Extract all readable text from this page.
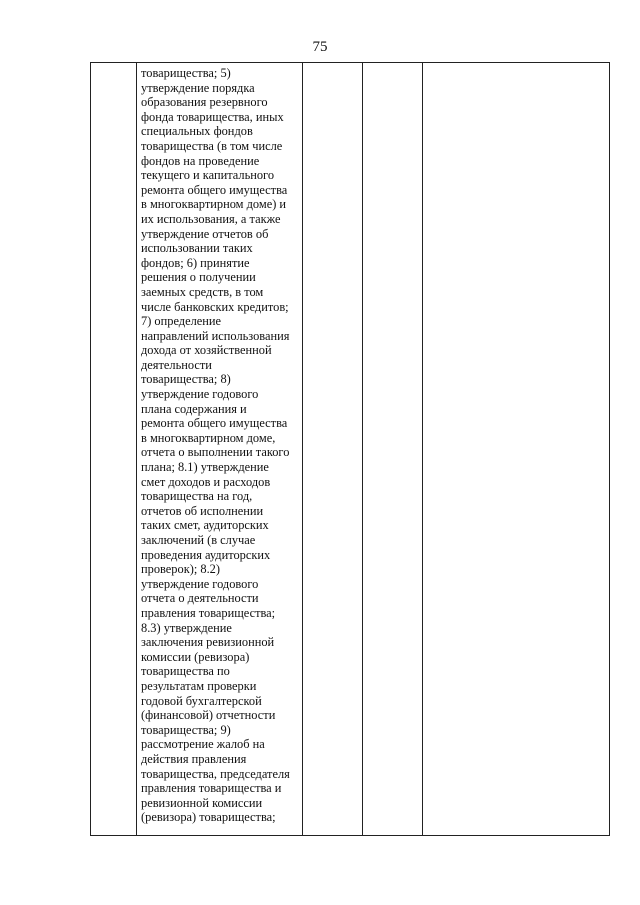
75

товарищества; 5)
утверждение порядка
образования резервного
фонда товарищества, иных
специальных фондов
товарищества (в том числе
фондов на проведение
текущего и капитального
ремонта общего имущества
в многоквартирном доме) и
их использования, а также
утверждение отчетов об
использовании таких
фондов; 6) принятие
решения о получении
заемных средств, в том
числе банковских кредитов;
7) определение
направлений использования
дохода от хозяйственной
деятельности
товарищества; 8)
утверждение годового
плана содержания и
ремонта общего имущества
в многоквартирном доме,
отчета о выполнении такого
плана; 8.1) утверждение
смет доходов и расходов
товарищества на год,
отчетов об исполнении
таких смет, аудиторских
заключений (в случае
проведения аудиторских
проверок); 8.2)
утверждение годового
отчета о деятельности
правления товарищества;
8.3) утверждение
заключения ревизионной
комиссии (ревизора)
товарищества по
результатам проверки
годовой бухгалтерской
(финансовой) отчетности
товарищества; 9)
рассмотрение жалоб на
действия правления
товарищества, председателя
правления товарищества и
ревизионной комиссии
(ревизора) товарищества;
